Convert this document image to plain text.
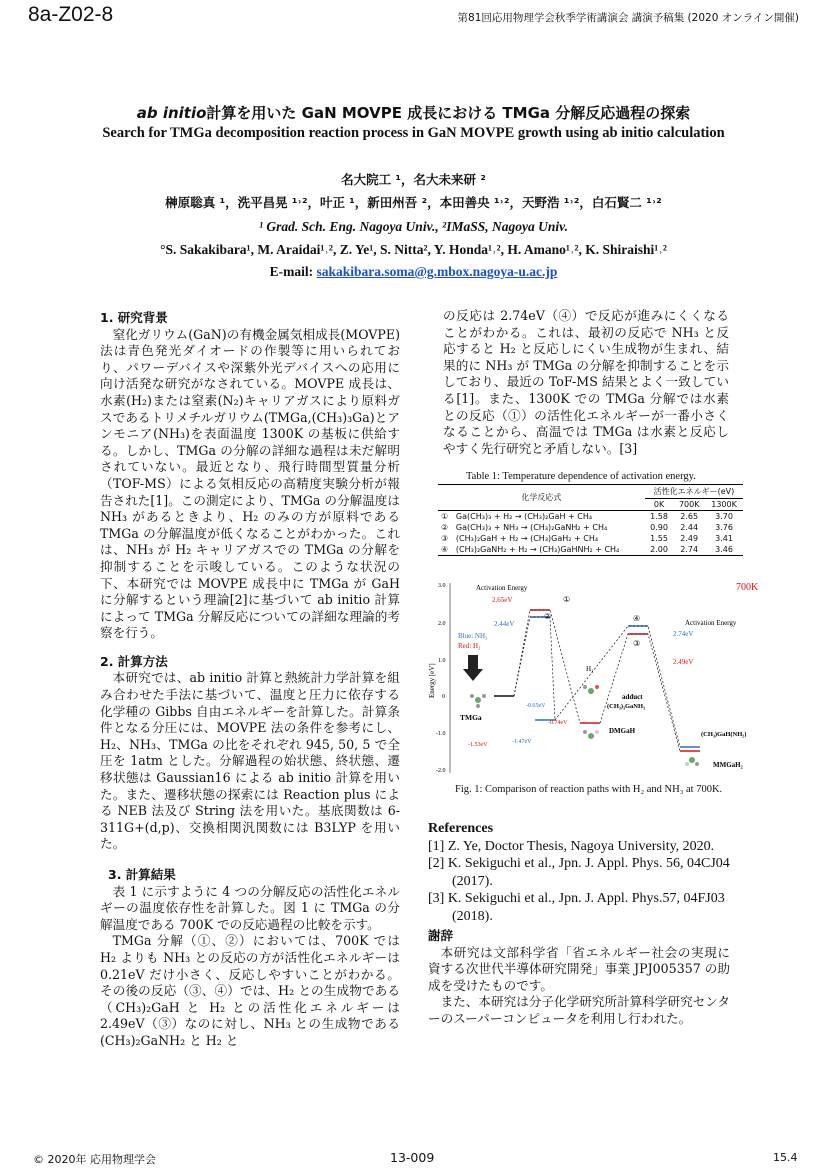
8a-Z02-8	第81回応用物理学会秋季学術講演会 講演予稿集 (2020 オンライン開催)
ab initio計算を用いた GaN MOVPE 成長における TMGa 分解反応過程の探索
Search for TMGa decomposition reaction process in GaN MOVPE growth using ab initio calculation
名大院工 ¹，名大未来研 ²
榊原聡真 ¹，洗平昌晃 ¹˒²，叶正 ¹，新田州吾 ²，本田善央 ¹˒²，天野浩 ¹˒²，白石賢二 ¹˒²
¹ Grad. Sch. Eng. Nagoya Univ., ²IMaSS, Nagoya Univ.
°S. Sakakibara¹, M. Araidai¹˒², Z. Ye¹, S. Nitta², Y. Honda¹˒², H. Amano¹˒², K. Shiraishi¹˒²
E-mail: sakakibara.soma@g.mbox.nagoya-u.ac.jp
1. 研究背景

窒化ガリウム(GaN)の有機金属気相成長(MOVPE)法は青色発光ダイオードの作製等に用いられており、パワーデバイスや深紫外光デバイスへの応用に向け活発な研究がなされている。MOVPE 成長は、水素(H₂)または窒素(N₂)キャリアガスにより原料ガスであるトリメチルガリウム(TMGa,(CH₃)₃Ga)とアンモニア(NH₃)を表面温度 1300K の基板に供給する。しかし、TMGa の分解の詳細な過程は未だ解明されていない。最近となり、飛行時間型質量分析（TOF-MS）による気相反応の高精度実験分析が報告された[1]。この測定により、TMGa の分解温度は NH₃ があるときより、H₂ のみの方が原料である TMGa の分解温度が低くなることがわかった。これは、NH₃ が H₂ キャリアガスでの TMGa の分解を抑制することを示唆している。このような状況の下、本研究では MOVPE 成長中に TMGa が GaH に分解するという理論[2]に基づいて ab initio 計算によって TMGa 分解反応についての詳細な理論的考察を行う。

2. 計算方法

本研究では、ab initio 計算と熱統計力学計算を組み合わせた手法に基づいて、温度と圧力に依存する化学種の Gibbs 自由エネルギーを計算した。計算条件となる分圧には、MOVPE 法の条件を参考にし、H₂、NH₃、TMGa の比をそれぞれ 945, 50, 5 で全圧を 1atm とした。分解過程の始状態、終状態、遷移状態は Gaussian16 による ab initio 計算を用いた。また、遷移状態の探索には Reaction plus による NEB 法及び String 法を用いた。基底関数は 6-311G+(d,p)、交換相関汎関数には B3LYP を用いた。

3. 計算結果

表 1 に示すように 4 つの分解反応の活性化エネルギーの温度依存性を計算した。図 1 に TMGa の分解温度である 700K での反応過程の比較を示す。

TMGa 分解（①、②）においては、700K では H₂ よりも NH₃ との反応の方が活性化エネルギーは 0.21eV だけ小さく、反応しやすいことがわかる。その後の反応（③、④）では、H₂ との生成物である（CH₃)₂GaH と H₂ との活性化エネルギーは 2.49eV（③）なのに対し、NH₃ との生成物である (CH₃)₂GaNH₂ と H₂ と

の反応は 2.74eV（④）で反応が進みにくくなることがわかる。これは、最初の反応で NH₃ と反応すると H₂ と反応しにくい生成物が生まれ、結果的に NH₃ が TMGa の分解を抑制することを示しており、最近の ToF-MS 結果とよく一致している[1]。また、1300K での TMGa 分解では水素との反応（①）の活性化エネルギーが一番小さくなることから、高温では TMGa は水素と反応しやすく先行研究と矛盾しない。[3]

Table 1: Temperature dependence of activation energy.
化学反応式		活性化エネルギー(eV)		
		0K	700K	1300K
①	Ga(CH₃)₃ + H₂ → (CH₃)₂GaH + CH₄	1.58	2.65	3.70
②	Ga(CH₃)₃ + NH₃ → (CH₃)₂GaNH₂ + CH₄	0.90	2.44	3.76
③	(CH₃)₂GaH + H₂ → (CH₃)GaH₂ + CH₄	1.55	2.49	3.41
④	(CH₃)₂GaNH₂ + H₂ → (CH₃)GaHNH₂ + CH₄	2.00	2.74	3.46
Energy [eV]
3.0
2.0
1.0
0
-1.0
-2.0
700K
Activation Energy
Activation Energy
Blue: NH₃
Red: H₂
2.65eV
2.44eV
①
②	④
③
2.74eV
2.49eV
H₂
-0.65eV
-0.74eV
-1.47eV
-1.53eV
TMGa
adduct
(CH₃)₃GaNH₃
DMGaH	(CH₃)GaH(NH₂)
MMGaH₂
Fig. 1: Comparison of reaction paths with H₂ and NH₃ at 700K.
References
[1] Z. Ye, Doctor Thesis, Nagoya University, 2020.
[2] K. Sekiguchi et al., Jpn. J. Appl. Phys. 56, 04CJ04 (2017).
[3] K. Sekiguchi et al., Jpn. J. Appl. Phys.57, 04FJ03 (2018).
謝辞

本研究は文部科学省「省エネルギー社会の実現に資する次世代半導体研究開発」事業 JPJ005357 の助成を受けたものです。

また、本研究は分子化学研究所計算科学研究センターのスーパーコンピュータを利用し行われた。

© 2020年 応用物理学会	13-009	15.4
